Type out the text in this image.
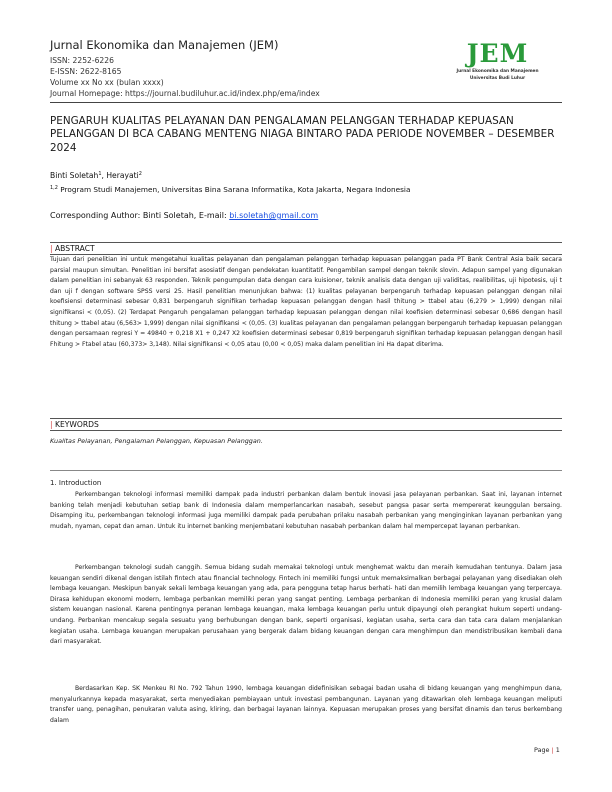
Jurnal Ekonomika dan Manajemen (JEM)
ISSN: 2252-6226
E-ISSN: 2622-8165
Volume xx No xx (bulan xxxx)
Journal Homepage: https://journal.budiluhur.ac.id/index.php/ema/index
JEM
Jurnal Ekonomika dan Manajemen
Universitas Budi Luhur
PENGARUH KUALITAS PELAYANAN DAN PENGALAMAN PELANGGAN TERHADAP KEPUASAN PELANGGAN DI BCA CABANG MENTENG NIAGA BINTARO PADA PERIODE NOVEMBER – DESEMBER 2024
Binti Soletah$^1$, Herayati$^2$
$^{1,2}$ Program Studi Manajemen, Universitas Bina Sarana Informatika, Kota Jakarta, Negara Indonesia
Corresponding Author: Binti Soletah, E-mail: bi.soletah@gmail.com
| ABSTRACT
Tujuan dari penelitian ini untuk mengetahui kualitas pelayanan dan pengalaman pelanggan terhadap kepuasan pelanggan pada PT Bank Central Asia baik secara parsial maupun simultan. Penelitian ini bersifat asosiatif dengan pendekatan kuantitatif. Pengambilan sampel dengan teknik slovin. Adapun sampel yang digunakan dalam penelitian ini sebanyak 63 responden. Teknik pengumpulan data dengan cara kuisioner, teknik analisis data dengan uji validitas, realibilitas, uji hipotesis, uji t dan uji f dengan software SPSS versi 25. Hasil penelitian menunjukan bahwa: (1) kualitas pelayanan berpengaruh terhadap kepuasan pelanggan dengan nilai koefisiensi determinasi sebesar 0,831 berpengaruh signifikan terhadap kepuasan pelanggan dengan hasil thitung > ttabel atau (6,279 > 1,999) dengan nilai signifikansi < (0,05). (2) Terdapat Pengaruh pengalaman pelanggan terhadap kepuasan pelanggan dengan nilai koefisien determinasi sebesar 0,686 dengan hasil thitung > ttabel atau (6,563> 1,999) dengan nilai signifikansi < (0,05. (3) kualitas pelayanan dan pengalaman pelanggan berpengaruh terhadap kepuasan pelanggan dengan persamaan regresi Y = 49840 + 0,218 X1 + 0,247 X2 koefisien determinasi sebesar 0,819 berpengaruh signifikan terhadap kepuasan pelanggan dengan hasil Fhitung > Ftabel atau (60,373> 3,148). Nilai signifikansi < 0,05 atau (0,00 < 0,05) maka dalam penelitian ini Ha dapat diterima.
| KEYWORDS
Kualitas Pelayanan, Pengalaman Pelanggan, Kepuasan Pelanggan.
1. Introduction

Perkembangan teknologi informasi memiliki dampak pada industri perbankan dalam bentuk inovasi jasa pelayanan perbankan. Saat ini, layanan internet banking telah menjadi kebutuhan setiap bank di Indonesia dalam memperlancarkan nasabah, sesebut pangsa pasar serta mempererat keunggulan bersaing. Disamping itu, perkembangan teknologi informasi juga memiliki dampak pada perubahan prilaku nasabah perbankan yang menginginkan layanan perbankan yang mudah, nyaman, cepat dan aman. Untuk itu internet banking menjembatani kebutuhan nasabah perbankan dalam hal mempercepat layanan perbankan.

Perkembangan teknologi sudah canggih. Semua bidang sudah memakai teknologi untuk menghemat waktu dan meraih kemudahan tentunya. Dalam jasa keuangan sendiri dikenal dengan istilah fintech atau financial technology. Fintech ini memiliki fungsi untuk memaksimalkan berbagai pelayanan yang disediakan oleh lembaga keuangan. Meskipun banyak sekali lembaga keuangan yang ada, para pengguna tetap harus berhati- hati dan memilih lembaga keuangan yang terpercaya. Dirasa kehidupan ekonomi modern, lembaga perbankan memiliki peran yang sangat penting. Lembaga perbankan di Indonesia memiliki peran yang krusial dalam sistem keuangan nasional. Karena pentingnya peranan lembaga keuangan, maka lembaga keuangan perlu untuk dipayungi oleh perangkat hukum seperti undang-undang. Perbankan mencakup segala sesuatu yang berhubungan dengan bank, seperti organisasi, kegiatan usaha, serta cara dan tata cara dalam menjalankan kegiatan usaha. Lembaga keuangan merupakan perusahaan yang bergerak dalam bidang keuangan dengan cara menghimpun dan mendistribusikan kembali dana dari masyarakat.

Berdasarkan Kep. SK Menkeu RI No. 792 Tahun 1990, lembaga keuangan didefinisikan sebagai badan usaha di bidang keuangan yang menghimpun dana, menyalurkannya kepada masyarakat, serta menyediakan pembiayaan untuk investasi pembangunan. Layanan yang ditawarkan oleh lembaga keuangan meliputi transfer uang, penagihan, penukaran valuta asing, kliring, dan berbagai layanan lainnya. Kepuasan merupakan proses yang bersifat dinamis dan terus berkembang dalam

Page | 1
